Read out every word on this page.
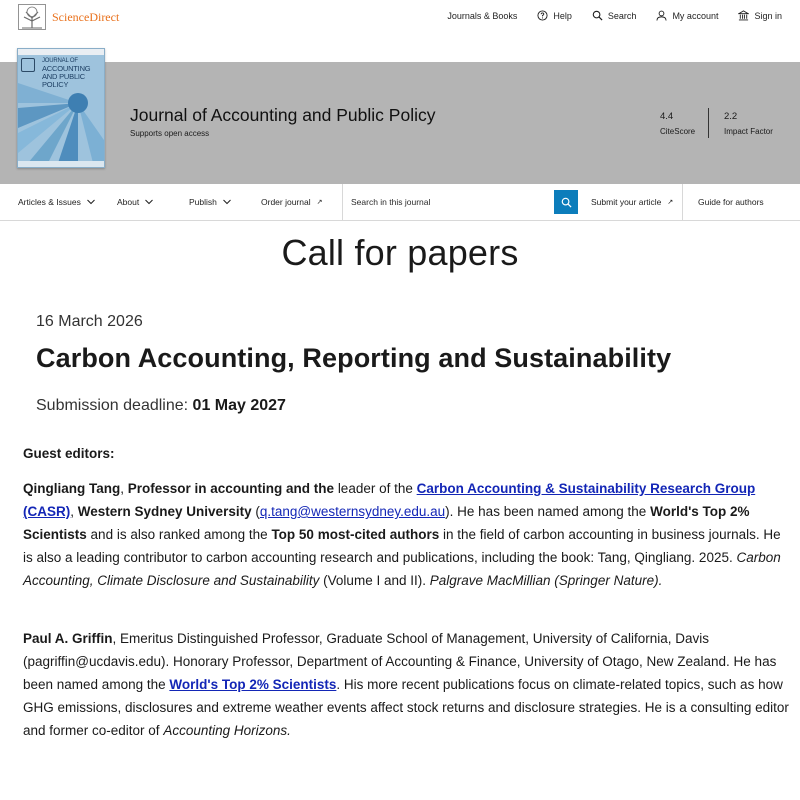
ScienceDirect	Journals & Books	Help	Search	My account	Sign in
JOURNAL OF
ACCOUNTING
AND PUBLIC
POLICY
Journal of Accounting and Public Policy
Supports open access
4.4
CiteScore
2.2
Impact Factor
Articles & Issues	About	Publish	Order journal ↗
Search in this journal	Submit your article ↗	Guide for authors
Call for papers
16 March 2026
Carbon Accounting, Reporting and Sustainability
Submission deadline: 01 May 2027
Guest editors:
Qingliang Tang, Professor in accounting and the leader of the Carbon Accounting & Sustainability Research Group (CASR), Western Sydney University (q.tang@westernsydney.edu.au). He has been named among the World's Top 2% Scientists and is also ranked among the Top 50 most-cited authors in the field of carbon accounting in business journals. He is also a leading contributor to carbon accounting research and publications, including the book: Tang, Qingliang. 2025. Carbon Accounting, Climate Disclosure and Sustainability (Volume I and II). Palgrave MacMillian (Springer Nature).
Paul A. Griffin, Emeritus Distinguished Professor, Graduate School of Management, University of California, Davis (pagriffin@ucdavis.edu). Honorary Professor, Department of Accounting & Finance, University of Otago, New Zealand. He has been named among the World's Top 2% Scientists. His more recent publications focus on climate-related topics, such as how GHG emissions, disclosures and extreme weather events affect stock returns and disclosure strategies. He is a consulting editor and former co-editor of Accounting Horizons.
